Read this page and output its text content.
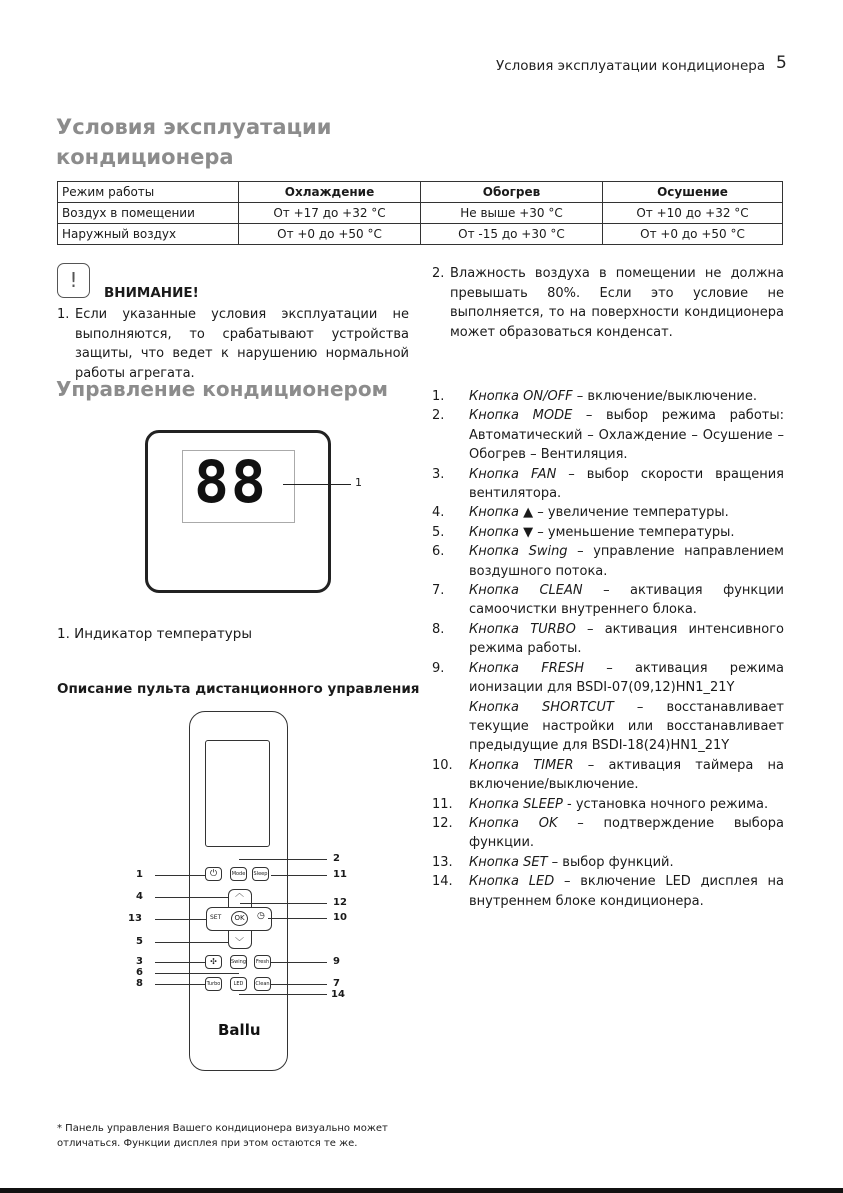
Условия эксплуатации кондиционера 5
Условия эксплуатации кондиционера
Режим работы	Охлаждение	Обогрев	Осушение
Воздух в помещении	От +17 до +32 °C	Не выше +30 °C	От +10 до +32 °C
Наружный воздух	От +0 до +50 °C	От -15 до +30 °C	От +0 до +50 °C
!
ВНИМАНИЕ!
1. Если указанные условия эксплуатации не выполняются, то срабатывают устройства защиты, что ведет к нарушению нормальной работы агрегата.
2. Влажность воздуха в помещении не должна превышать 80%. Если это условие не выполняется, то на поверхности кондиционера может образоваться конденсат.
Управление кондиционером
88	1
1. Индикатор температуры
Описание пульта дистанционного управления
⏻	Mode	Sleep
︿
﹀
SET	OK	◷
✣	Swing	Fresh
Turbo	LED	Clean
Ballu
1
4
13
5
3
6
8
2
11
12
10
9
7
14
1.	Кнопка ON/OFF – включение/выключение.
2.	Кнопка MODE – выбор режима работы: Автоматический – Охлаждение – Осушение – Обогрев – Вентиляция.
3.	Кнопка FAN – выбор скорости вращения вентилятора.
4.	Кнопка ▲ – увеличение температуры.
5.	Кнопка ▼ – уменьшение температуры.
6.	Кнопка Swing – управление направлением воздушного потока.
7.	Кнопка CLEAN – активация функции самоочистки внутреннего блока.
8.	Кнопка TURBO – активация интенсивного режима работы.
9.	Кнопка FRESH – активация режима ионизации для BSDI-07(09,12)HN1_21Y
Кнопка SHORTCUT – восстанавливает текущие настройки или восстанавливает предыдущие для BSDI-18(24)HN1_21Y
10.	Кнопка TIMER – активация таймера на включение/выключение.
11.	Кнопка SLEEP - установка ночного режима.
12.	Кнопка OK – подтверждение выбора функции.
13.	Кнопка SET – выбор функций.
14.	Кнопка LED – включение LED дисплея на внутреннем блоке кондиционера.
* Панель управления Вашего кондиционера визуально может отличаться. Функции дисплея при этом остаются те же.
